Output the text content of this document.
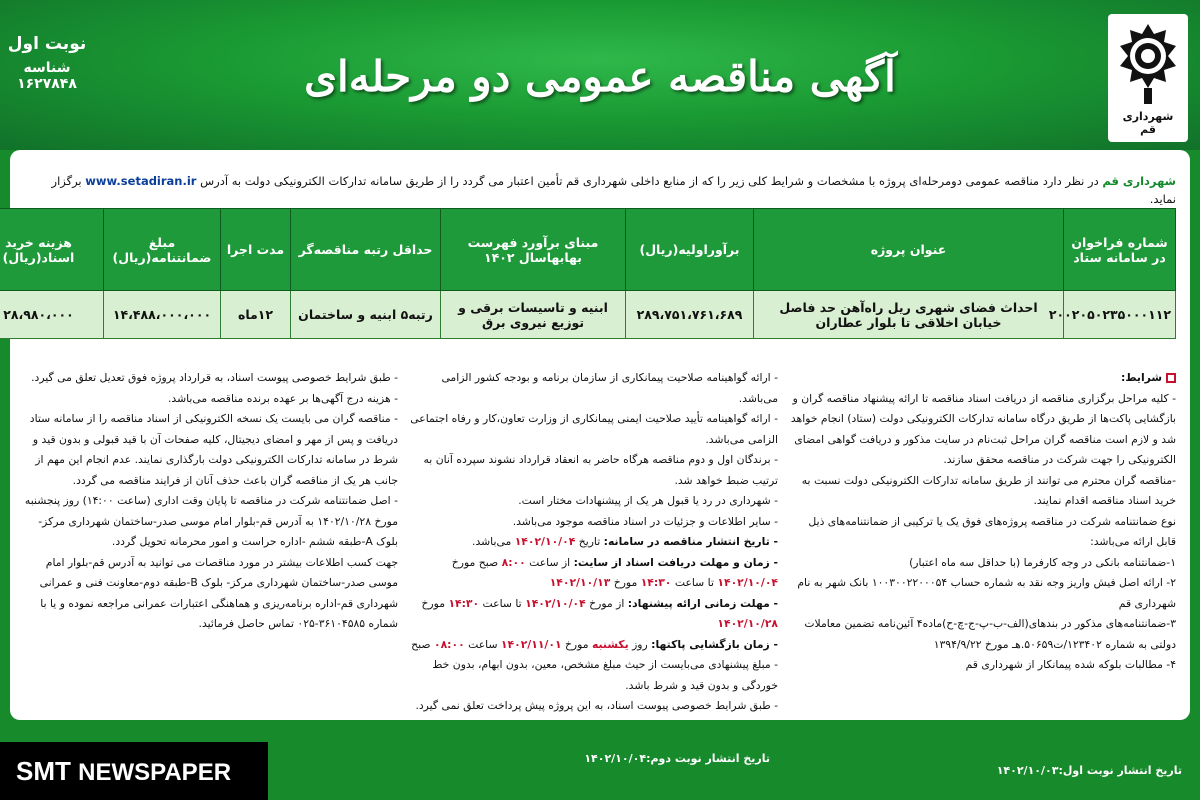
شهرداری قم
آگهی مناقصه عمومی دو مرحله‌ای
نوبت اول
شناسه ۱۶۲۷۸۴۸
شهرداری قم در نظر دارد مناقصه عمومی دومرحله‌ای پروژه با مشخصات و شرایط کلی زیر را که از منابع داخلی شهرداری قم تأمین اعتبار می گردد را از طریق سامانه تدارکات الکترونیکی دولت به آدرس www.setadiran.ir برگزار نماید.
شماره فراخوان در سامانه ستاد	عنوان پروژه	برآوراولیه(ریال)	مبنای برآورد فهرست بهابهاسال ۱۴۰۲	حداقل رتبه مناقصه‌گر	مدت اجرا	مبلغ ضمانتنامه(ریال)	هزینه خرید اسناد(ریال)
۲۰۰۲۰۵۰۲۳۵۰۰۰۱۱۲	احداث فضای شهری ریل راه‌آهن حد فاصل خیابان اخلاقی تا بلوار عطاران	۲۸۹،۷۵۱،۷۶۱،۶۸۹	ابنیه و تاسیسات برقی و توزیع نیروی برق	رتبه۵ ابنیه و ساختمان	۱۲ماه	۱۴،۴۸۸،۰۰۰،۰۰۰	۲۸،۹۸۰،۰۰۰

شرایط:

- کلیه مراحل برگزاری مناقصه از دریافت اسناد مناقصه تا ارائه پیشنهاد مناقصه گران و بازگشایی پاکت‌ها از طریق درگاه سامانه تدارکات الکترونیکی دولت (ستاد) انجام خواهد شد و لازم است مناقصه گران مراحل ثبت‌نام در سایت مذکور و دریافت گواهی امضای الکترونیکی را جهت شرکت در مناقصه محقق سازند.

-مناقصه گران محترم می توانند از طریق سامانه تدارکات الکترونیکی دولت نسبت به خرید اسناد مناقصه اقدام نمایند.

نوع ضمانتنامه شرکت در مناقصه پروژه‌های فوق یک یا ترکیبی از ضمانتنامه‌های ذیل قابل ارائه می‌باشد:

۱-ضمانتنامه بانکی در وجه کارفرما (با حداقل سه ماه اعتبار)

۲- ارائه اصل فیش واریز وجه نقد به شماره حساب ۱۰۰۳۰۰۲۲۰۰۰۵۴ بانک شهر به نام شهرداری قم

۳-ضمانتنامه‌های مذکور در بندهای(الف-ب-پ-ج-چ-ح)ماده۴ آئین‌نامه تضمین معاملات دولتی به شماره ۱۲۳۴۰۲/ت۵۰۶۵۹.هـ مورخ ۱۳۹۴/۹/۲۲

۴- مطالبات بلوکه شده پیمانکار از شهرداری قم

- ارائه گواهینامه صلاحیت پیمانکاری از سازمان برنامه و بودجه کشور الزامی می‌باشد.

- ارائه گواهینامه تأیید صلاحیت ایمنی پیمانکاری از وزارت تعاون،کار و رفاه اجتماعی الزامی می‌باشد.

- برندگان اول و دوم مناقصه هرگاه حاضر به انعقاد قرارداد نشوند سپرده آنان به ترتیب ضبط خواهد شد.

- شهرداری در رد یا قبول هر یک از پیشنهادات مختار است.

- سایر اطلاعات و جزئیات در اسناد مناقصه موجود می‌باشد.

- تاریخ انتشار مناقصه در سامانه: تاریخ ۱۴۰۲/۱۰/۰۴ می‌باشد.

- زمان و مهلت دریافت اسناد از سایت: از ساعت ۸:۰۰ صبح مورخ ۱۴۰۲/۱۰/۰۴ تا ساعت ۱۴:۳۰ مورخ ۱۴۰۲/۱۰/۱۳

- مهلت زمانی ارائه پیشنهاد: از مورخ ۱۴۰۲/۱۰/۰۴ تا ساعت ۱۴:۳۰ مورخ ۱۴۰۲/۱۰/۲۸

- زمان بازگشایی پاکتها: روز یکشنبه مورخ ۱۴۰۲/۱۱/۰۱ ساعت ۰۸:۰۰ صبح

- مبلغ پیشنهادی می‌بایست از حیث مبلغ مشخص، معین، بدون ابهام، بدون خط خوردگی و بدون قید و شرط باشد.

- طبق شرایط خصوصی پیوست اسناد، به این پروژه پیش پرداخت تعلق نمی گیرد.

- طبق شرایط خصوصی پیوست اسناد، به قرارداد پروژه فوق تعدیل تعلق می گیرد.

- هزینه درج آگهی‌ها بر عهده برنده مناقصه می‌باشد.

- مناقصه گران می بایست یک نسخه الکترونیکی از اسناد مناقصه را از سامانه ستاد دریافت و پس از مهر و امضای دیجیتال، کلیه صفحات آن با قید قبولی و بدون قید و شرط در سامانه تدارکات الکترونیکی دولت بارگذاری نمایند. عدم انجام این مهم از جانب هر یک از مناقصه گران باعث حذف آنان از فرایند مناقصه می گردد.

- اصل ضمانتنامه شرکت در مناقصه تا پایان وقت اداری (ساعت ۱۴:۰۰) روز پنجشنبه مورخ ۱۴۰۲/۱۰/۲۸ به آدرس قم-بلوار امام موسی صدر-ساختمان شهرداری مرکز- بلوک A-طبقه ششم -اداره حراست و امور محرمانه تحویل گردد.

جهت کسب اطلاعات بیشتر در مورد مناقصات می توانید به آدرس قم-بلوار امام موسی صدر-ساختمان شهرداری مرکز- بلوک B-طبقه دوم-معاونت فنی و عمرانی شهرداری قم-اداره برنامه‌ریزی و هماهنگی اعتبارات عمرانی مراجعه نموده و یا با شماره ۳۶۱۰۴۵۸۵-۰۲۵ تماس حاصل فرمائید.

تاریخ انتشار نوبت اول:۱۴۰۲/۱۰/۰۳
تاریخ انتشار نوبت دوم:۱۴۰۲/۱۰/۰۴
SMT NEWSPAPER
